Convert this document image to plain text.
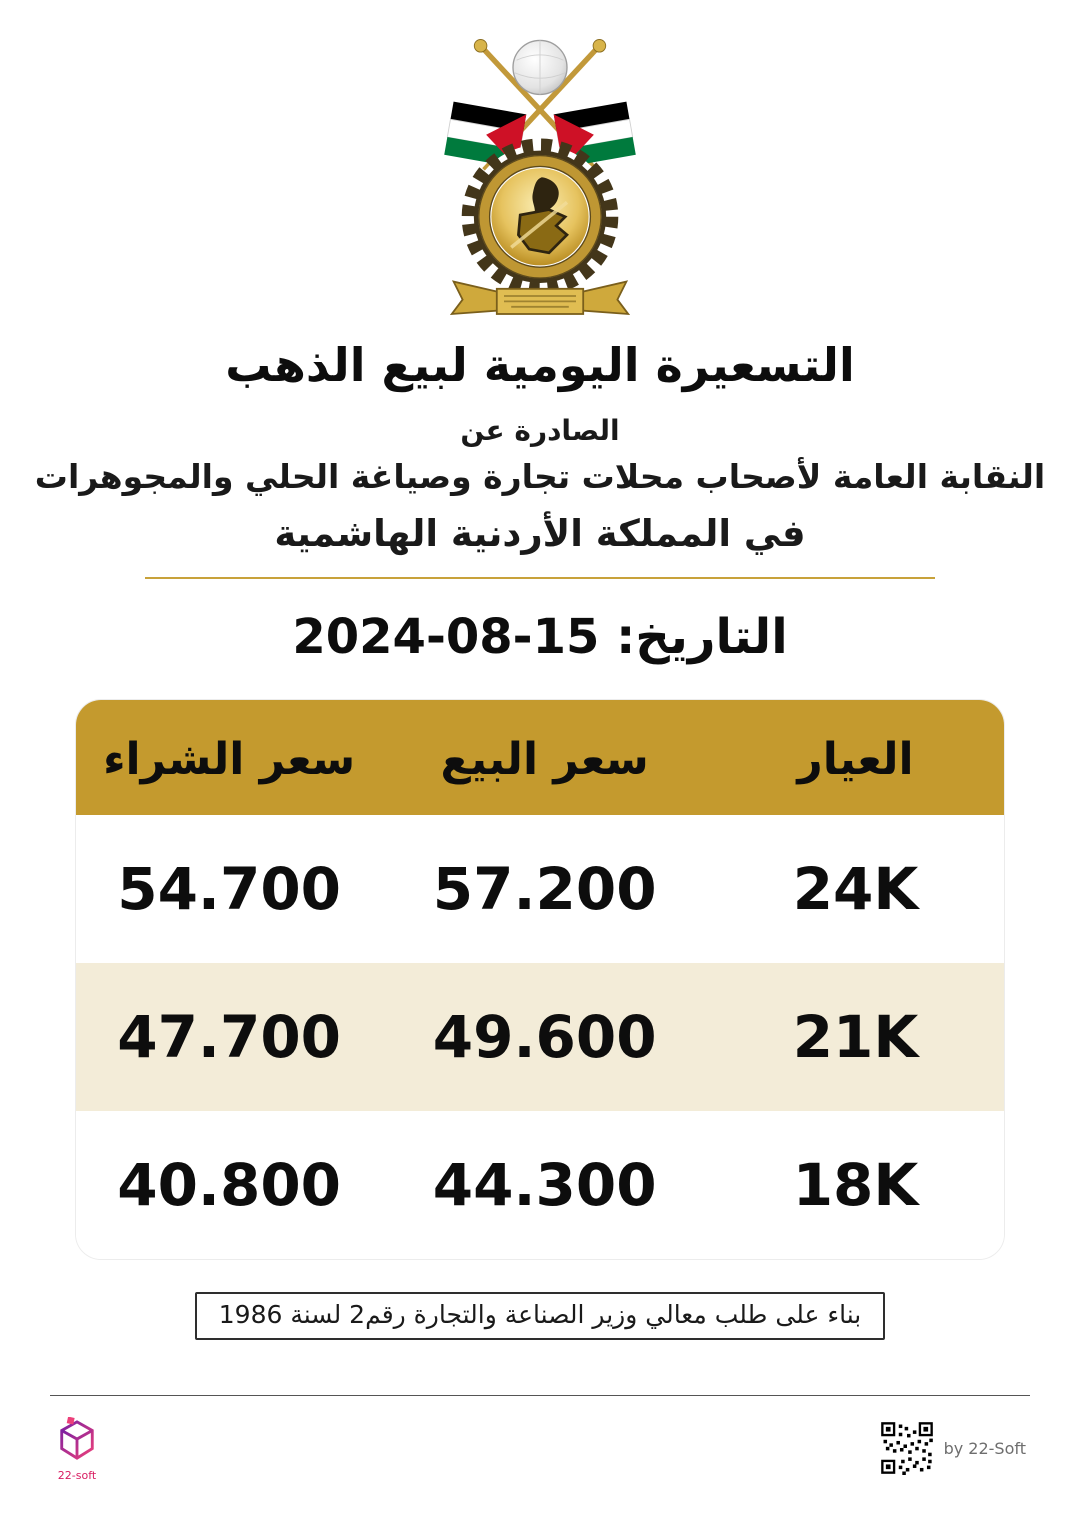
التسعيرة اليومية لبيع الذهب
الصادرة عن
النقابة العامة لأصحاب محلات تجارة وصياغة الحلي والمجوهرات
في المملكة الأردنية الهاشمية
التاريخ: 15-08-2024
العيار
سعر البيع
سعر الشراء
24K
57.200
54.700
21K
49.600
47.700
18K
44.300
40.800
بناء على طلب معالي وزير الصناعة والتجارة رقم2 لسنة 1986
22-soft
by 22-Soft
